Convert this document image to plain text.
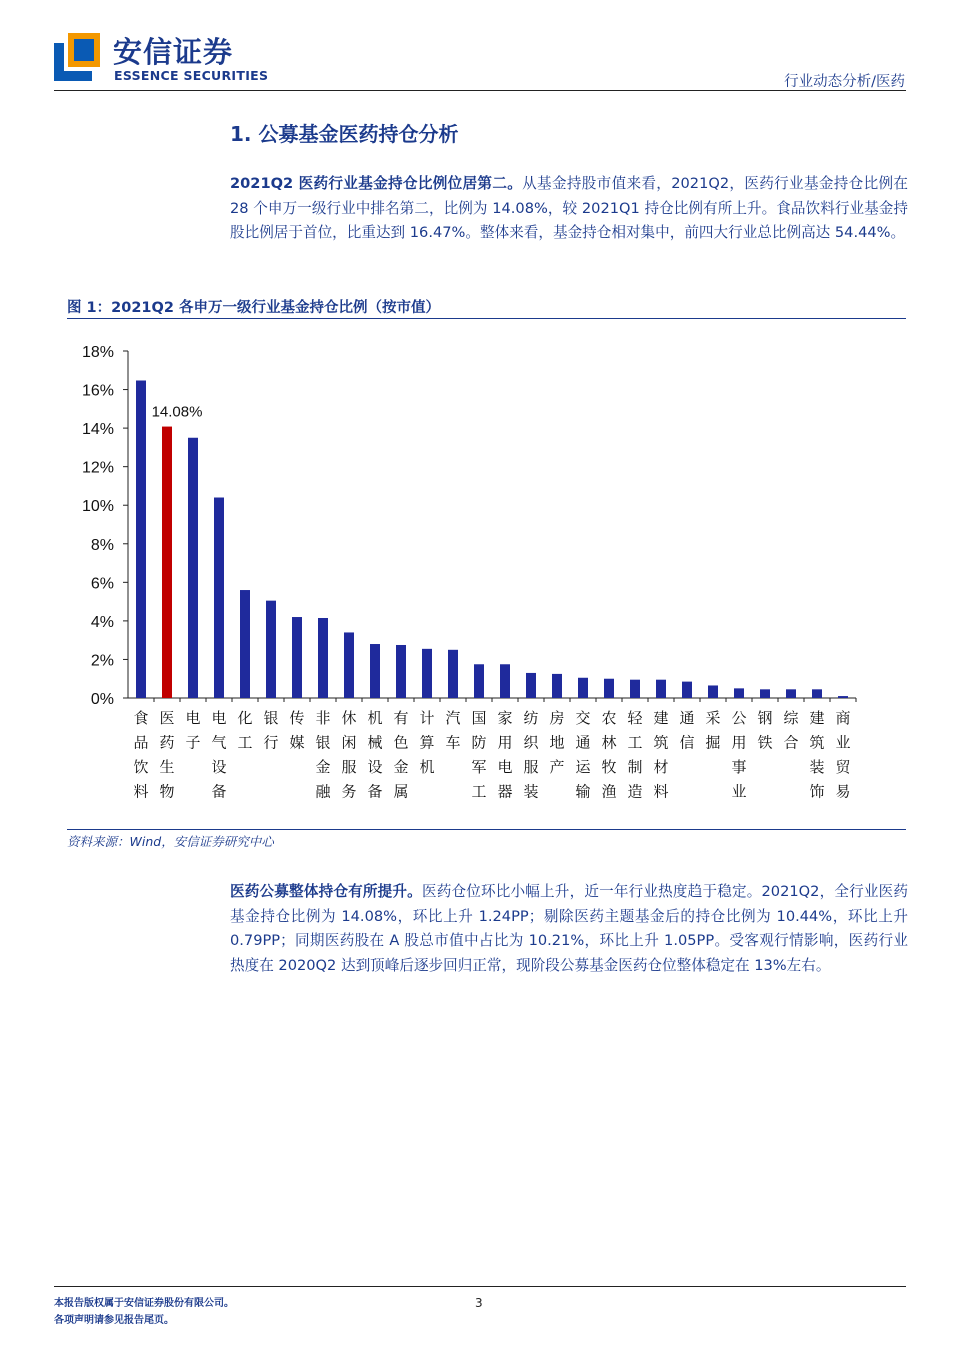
安信证券
ESSENCE SECURITIES	行业动态分析/医药
1. 公募基金医药持仓分析
2021Q2 医药行业基金持仓比例位居第二。从基金持股市值来看，2021Q2，医药行业基金持仓比例在 28 个申万一级行业中排名第二，比例为 14.08%，较 2021Q1 持仓比例有所上升。食品饮料行业基金持股比例居于首位，比重达到 16.47%。整体来看，基金持仓相对集中，前四大行业总比例高达 54.44%。
图 1：2021Q2 各申万一级行业基金持仓比例（按市值）
0%
2%
4%
6%
8%
10%
12%
14%
16%
18%
食品饮料
医药生物
电子
电气设备
化工
银行
传媒
非银金融
休闲服务
机械设备
有色金属
计算机
汽车
国防军工
家用电器
纺织服装
房地产
交通运输
农林牧渔
轻工制造
建筑材料
通信
采掘
公用事业
钢铁
综合
建筑装饰
商业贸易
14.08%
资料来源：Wind，安信证券研究中心
医药公募整体持仓有所提升。医药仓位环比小幅上升，近一年行业热度趋于稳定。2021Q2，全行业医药基金持仓比例为 14.08%，环比上升 1.24PP；剔除医药主题基金后的持仓比例为 10.44%，环比上升 0.79PP；同期医药股在 A 股总市值中占比为 10.21%，环比上升 1.05PP。受客观行情影响，医药行业热度在 2020Q2 达到顶峰后逐步回归正常，现阶段公募基金医药仓位整体稳定在 13%左右。
本报告版权属于安信证券股份有限公司。
各项声明请参见报告尾页。
3
